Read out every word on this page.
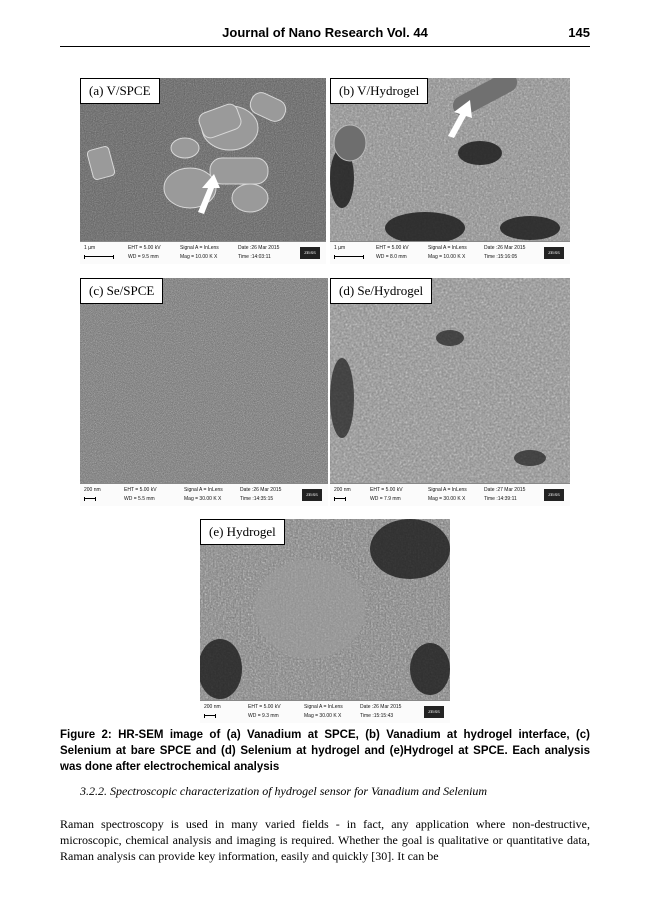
Journal of Nano Research Vol. 44	145
(a) V/SPCE
1 µm	EHT = 5.00 kV
WD = 9.5 mm
Signal A = InLens
Mag = 10.00 K X
Date :26 Mar 2015
Time :14:03:11
ZEISS
(b) V/Hydrogel
1 µm	EHT = 5.00 kV
WD = 8.0 mm
Signal A = InLens
Mag = 10.00 K X
Date :26 Mar 2015
Time :15:16:05
ZEISS
(c) Se/SPCE
200 nm	EHT = 5.00 kV
WD = 5.5 mm
Signal A = InLens
Mag = 30.00 K X
Date :26 Mar 2015
Time :14:35:15
ZEISS
(d) Se/Hydrogel
200 nm	EHT = 5.00 kV
WD = 7.9 mm
Signal A = InLens
Mag = 30.00 K X
Date :27 Mar 2015
Time :14:39:11
ZEISS
(e) Hydrogel
200 nm	EHT = 5.00 kV
WD = 9.3 mm
Signal A = InLens
Mag = 30.00 K X
Date :26 Mar 2015
Time :15:15:43
ZEISS
Figure 2: HR-SEM image of (a) Vanadium at SPCE, (b) Vanadium at hydrogel interface, (c) Selenium at bare SPCE and (d) Selenium at hydrogel and (e)Hydrogel at SPCE. Each analysis was done after electrochemical analysis
3.2.2. Spectroscopic characterization of hydrogel sensor for Vanadium and Selenium
Raman spectroscopy is used in many varied fields - in fact, any application where non-destructive, microscopic, chemical analysis and imaging is required. Whether the goal is qualitative or quantitative data, Raman analysis can provide key information, easily and quickly [30]. It can be
